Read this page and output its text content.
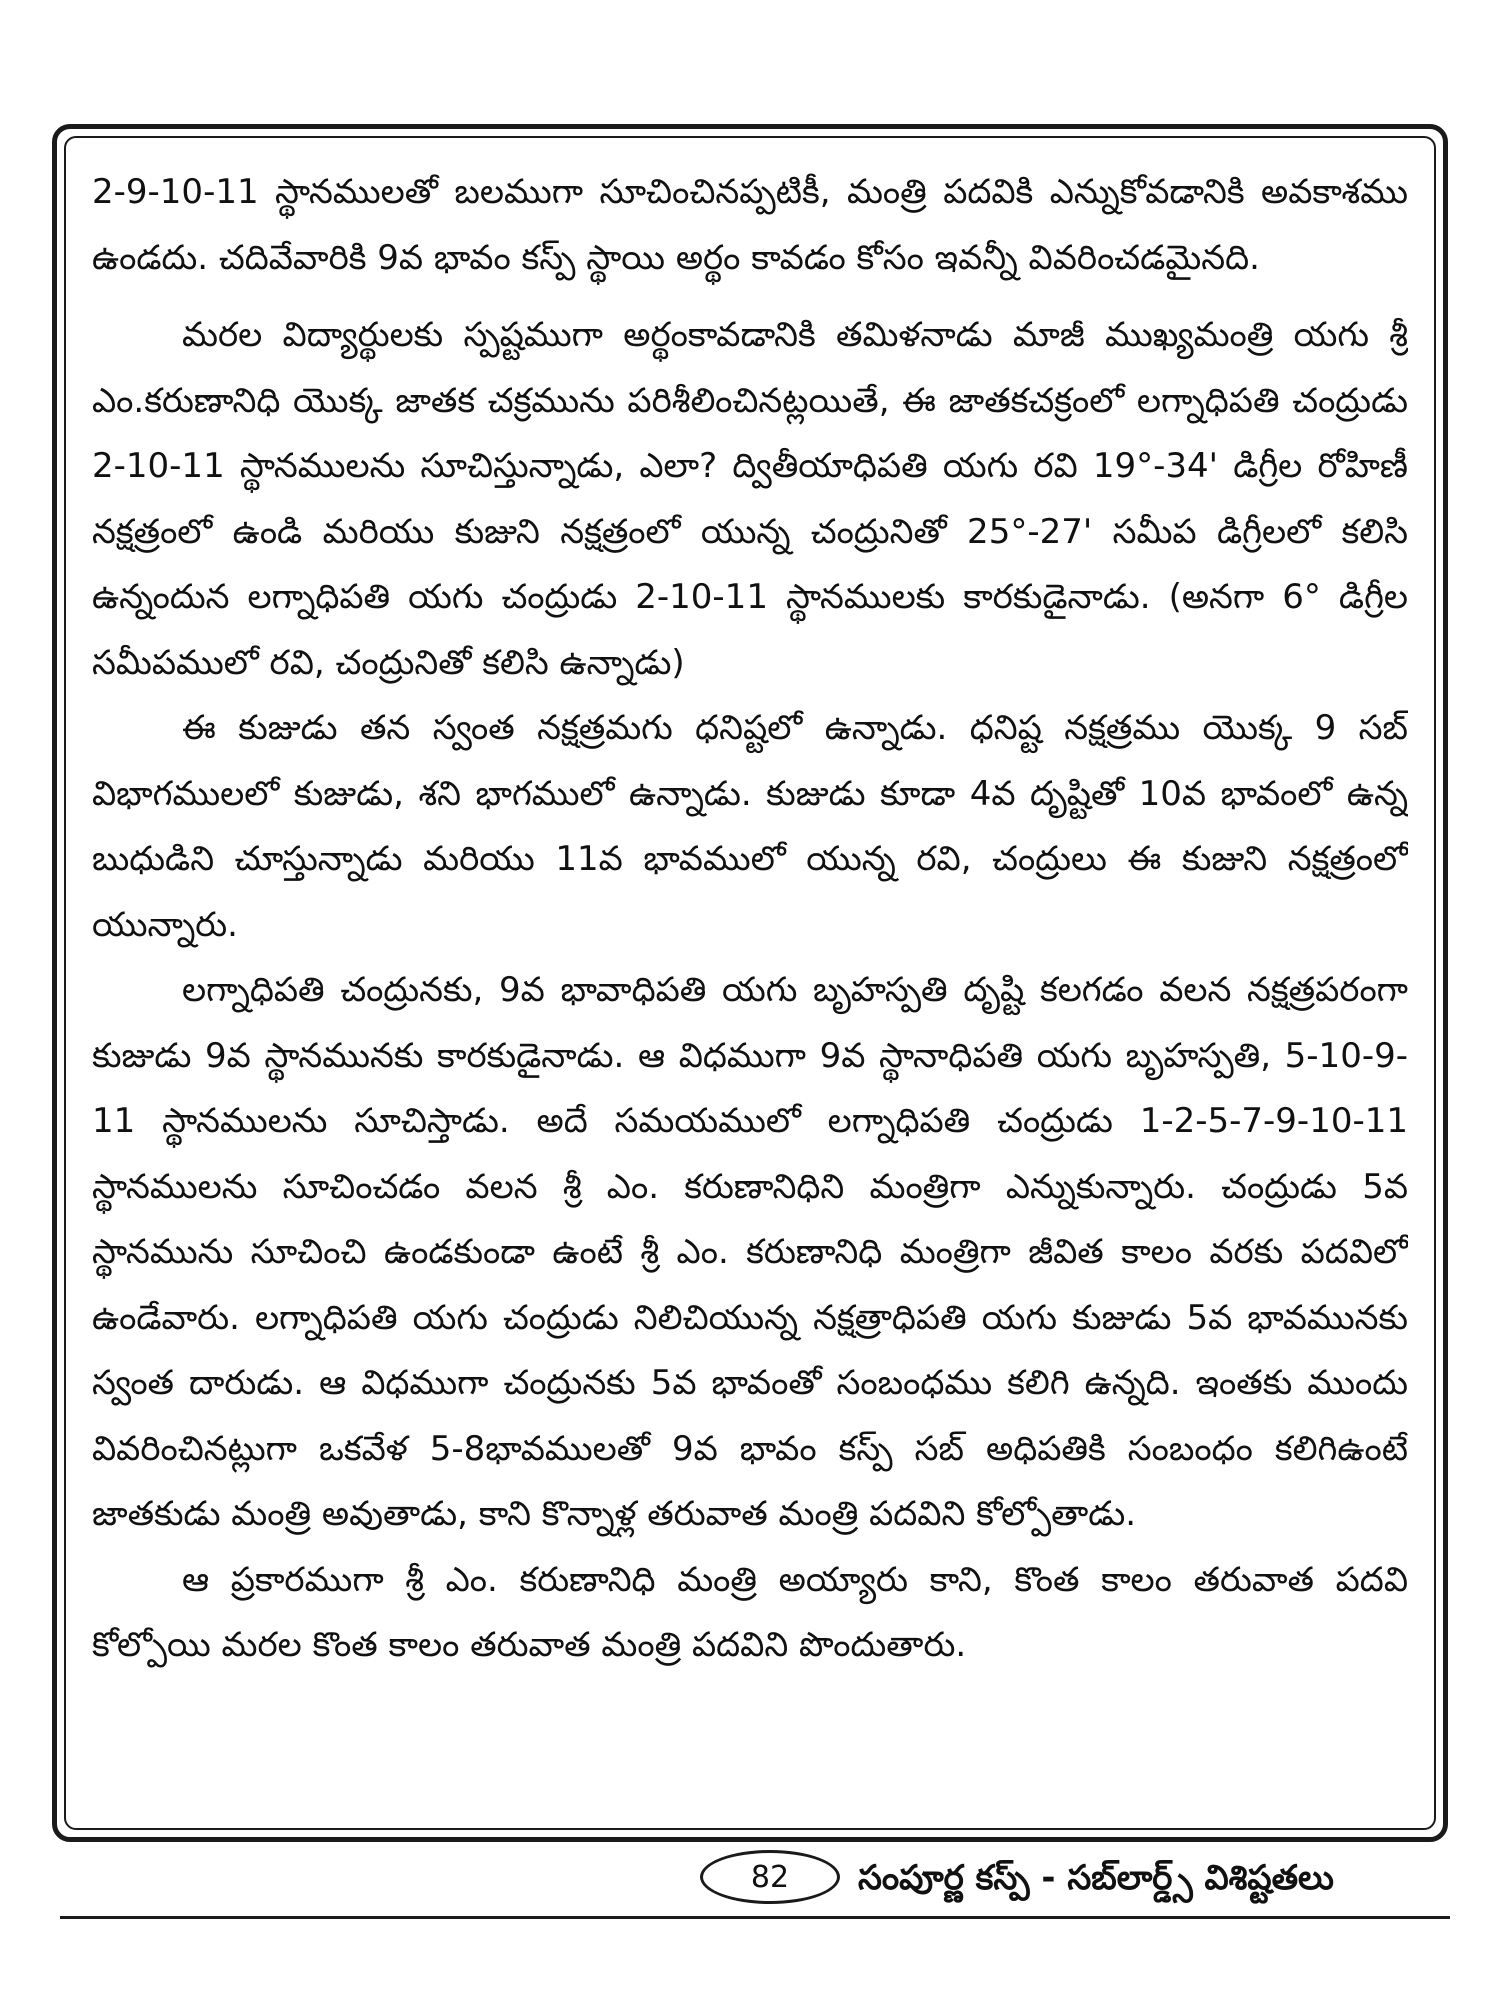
2-9-10-11 స్థానములతో బలముగా సూచించినప్పటికీ, మంత్రి పదవికి ఎన్నుకోవడానికి అవకాశము ఉండదు. చదివేవారికి 9వ భావం కస్ప్ స్థాయి అర్థం కావడం కోసం ఇవన్నీ వివరించడమైనది.

మరల విద్యార్థులకు స్పష్టముగా అర్థంకావడానికి తమిళనాడు మాజీ ముఖ్యమంత్రి యగు శ్రీ ఎం.కరుణానిధి యొక్క జాతక చక్రమును పరిశీలించినట్లయితే, ఈ జాతకచక్రంలో లగ్నాధిపతి చంద్రుడు 2-10-11 స్థానములను సూచిస్తున్నాడు, ఎలా? ద్వితీయాధిపతి యగు రవి 19°-34' డిగ్రీల రోహిణీ నక్షత్రంలో ఉండి మరియు కుజుని నక్షత్రంలో యున్న చంద్రునితో 25°-27' సమీప డిగ్రీలలో కలిసి ఉన్నందున లగ్నాధిపతి యగు చంద్రుడు 2-10-11 స్థానములకు కారకుడైనాడు. (అనగా 6° డిగ్రీల సమీపములో రవి, చంద్రునితో కలిసి ఉన్నాడు)

ఈ కుజుడు తన స్వంత నక్షత్రమగు ధనిష్టలో ఉన్నాడు. ధనిష్ట నక్షత్రము యొక్క 9 సబ్ విభాగములలో కుజుడు, శని భాగములో ఉన్నాడు. కుజుడు కూడా 4వ దృష్టితో 10వ భావంలో ఉన్న బుధుడిని చూస్తున్నాడు మరియు 11వ భావములో యున్న రవి, చంద్రులు ఈ కుజుని నక్షత్రంలో యున్నారు.

లగ్నాధిపతి చంద్రునకు, 9వ భావాధిపతి యగు బృహస్పతి దృష్టి కలగడం వలన నక్షత్రపరంగా కుజుడు 9వ స్థానమునకు కారకుడైనాడు. ఆ విధముగా 9వ స్థానాధిపతి యగు బృహస్పతి, 5-10-9-11 స్థానములను సూచిస్తాడు. అదే సమయములో లగ్నాధిపతి చంద్రుడు 1-2-5-7-9-10-11 స్థానములను సూచించడం వలన శ్రీ ఎం. కరుణానిధిని మంత్రిగా ఎన్నుకున్నారు. చంద్రుడు 5వ స్థానమును సూచించి ఉండకుండా ఉంటే శ్రీ ఎం. కరుణానిధి మంత్రిగా జీవిత కాలం వరకు పదవిలో ఉండేవారు. లగ్నాధిపతి యగు చంద్రుడు నిలిచియున్న నక్షత్రాధిపతి యగు కుజుడు 5వ భావమునకు స్వంత దారుడు. ఆ విధముగా చంద్రునకు 5వ భావంతో సంబంధము కలిగి ఉన్నది. ఇంతకు ముందు వివరించినట్లుగా ఒకవేళ 5-8భావములతో 9వ భావం కస్ప్ సబ్ అధిపతికి సంబంధం కలిగిఉంటే జాతకుడు మంత్రి అవుతాడు, కాని కొన్నాళ్ల తరువాత మంత్రి పదవిని కోల్పోతాడు.

ఆ ప్రకారముగా శ్రీ ఎం. కరుణానిధి మంత్రి అయ్యారు కాని, కొంత కాలం తరువాత పదవి కోల్పోయి మరల కొంత కాలం తరువాత మంత్రి పదవిని పొందుతారు.

82	సంపూర్ణ కస్ప్ - సబ్‌లార్డ్స్ విశిష్టతలు
